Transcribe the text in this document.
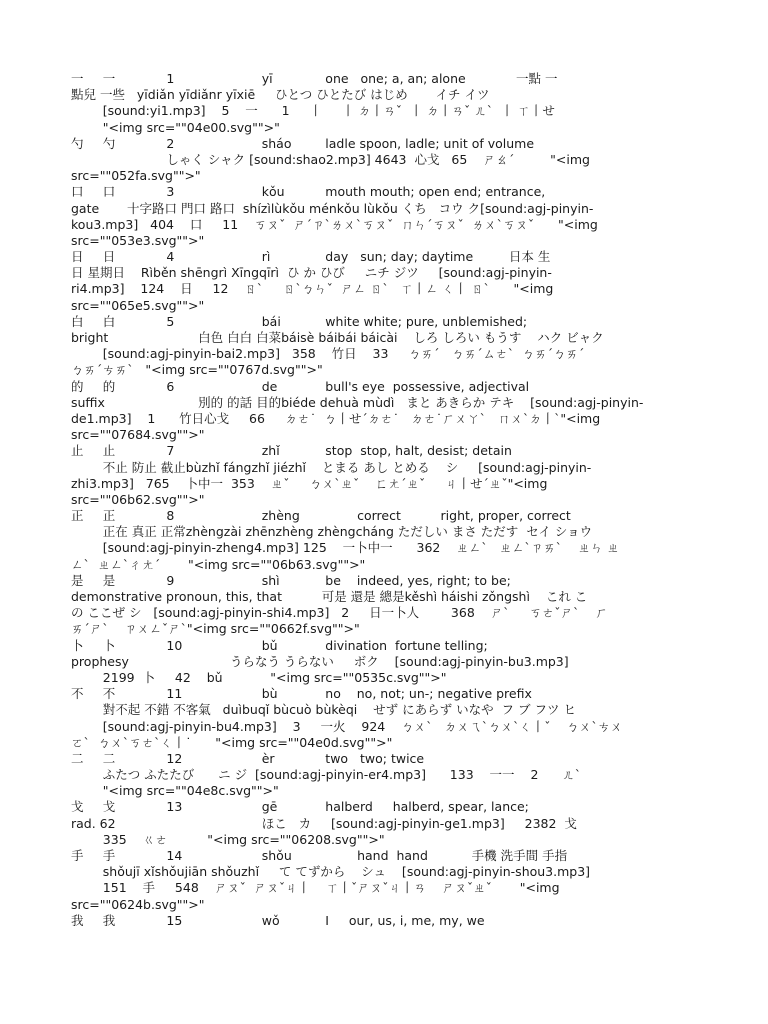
一	一		1			yī		one   one; a, an; alone		一點 一
點兒 一些   yīdiǎn yīdiǎnr yīxiē     ひとつ ひとたび はじめ       イチ イツ
	[sound:yi1.mp3]    5    一      1     丨     丨 ㄉ丨ㄢˇ  丨 ㄉ丨ㄢˇ ㄦˋ  丨 ㄒ丨せ
	"<img src=""04e00.svg"">"
勺	勺		2			sháo		ladle spoon, ladle; unit of volume
			しゃく シャク [sound:shao2.mp3] 4643  心戈   65    ㄕㄠˊ         "<img
src=""052fa.svg"">"
口	口		3			kǒu		mouth mouth; open end; entrance,
gate       十字路口 門口 路口  shízìlùkǒu ménkǒu lùkǒu くち   コウ ク[sound:agj-pinyin-
kou3.mp3]   404    口     11    ㄎㄡˇ  ㄕˊㄗˋㄌㄨˋㄎㄡˇ  ㄇㄣˊㄎㄡˇ  ㄌㄨˋㄎㄡˇ      "<img
src=""053e3.svg"">"
日	日		4			rì		day   sun; day; daytime         日本 生
日 星期日    Rìběn shēngrì Xīngqīrì  ひ か ひび     ニチ ジツ     [sound:agj-pinyin-
ri4.mp3]    124    日     12    ㄖˋ     ㄖˋㄅㄣˇ  ㄕㄥ ㄖˋ   ㄒ丨ㄥ ㄑ丨 ㄖˋ      "<img
src=""065e5.svg"">"
白	白		5			bái		white white; pure, unblemished;
bright			白色 白白 白菜báisè báibái báicài    しろ しろい もうす    ハク ビャク
	[sound:agj-pinyin-bai2.mp3]   358    竹日    33     ㄅㄞˊ   ㄅㄞˊㄙㄜˋ  ㄅㄞˊㄅㄞˊ
ㄅㄞˊㄘㄞˋ   "<img src=""0767d.svg"">"
的	的		6			de		bull's eye  possessive, adjectival
suffix			別的 的話 目的biéde dehuà mùdì   まと あきらか テキ    [sound:agj-pinyin-
de1.mp3]    1      竹日心戈     66     ㄉㄜ˙  ㄅ丨せˊㄉㄜ˙   ㄉㄜ˙ㄏㄨㄚˋ   ㄇㄨˋㄉ丨ˋ"<img
src=""07684.svg"">"
止	止		7			zhǐ		stop  stop, halt, desist; detain
	不止 防止 截止bùzhǐ fángzhǐ jiézhǐ    とまる あし とめる    シ     [sound:agj-pinyin-
zhi3.mp3]   765    卜中一  353    ㄓˇ     ㄅㄨˋㄓˇ    ㄈㄤˊㄓˇ     ㄐ丨せˊㄓˇ"<img
src=""06b62.svg"">"
正	正		8			zhèng		correct	right, proper, correct
	正在 真正 正常zhèngzài zhēnzhèng zhèngcháng ただしい まさ ただす  セイ ショウ
	[sound:agj-pinyin-zheng4.mp3] 125    一卜中一      362    ㄓㄥˋ   ㄓㄥˋㄗㄞˋ    ㄓㄣ ㄓ
ㄥˋ  ㄓㄥˋㄔㄤˊ       "<img src=""06b63.svg"">"
是	是		9			shì		be    indeed, yes, right; to be;
demonstrative pronoun, this, that          可是 還是 總是kěshì háishi zǒngshì    これ こ
の ここぜ シ   [sound:agj-pinyin-shi4.mp3]   2     日一卜人        368    ㄕˋ     ㄎㄜˇㄕˋ    ㄏ
ㄞˊㄕˋ    ㄗㄨㄥˇㄕˋ"<img src=""0662f.svg"">"
卜	卜		10			bǔ		divination  fortune telling;
prophesy				うらなう うらない     ボク    [sound:agj-pinyin-bu3.mp3]
	2199  卜     42    bǔ            "<img src=""0535c.svg"">"
不	不		11			bù		no    no, not; un-; negative prefix
	對不起 不錯 不客氣   duìbuqǐ bùcuò bùkèqi    せず にあらず いなや  フ ブ フツ ヒ
	[sound:agj-pinyin-bu4.mp3]    3     一火    924    ㄅㄨˋ   ㄉㄨㄟˋㄅㄨˋㄑ丨ˇ    ㄅㄨˋㄘㄨ
ㄛˋ  ㄅㄨˋㄎㄜˋㄑ丨˙      "<img src=""04e0d.svg"">"
二	二		12			èr		two   two; twice
	ふたつ ふたたび      ニ ジ  [sound:agj-pinyin-er4.mp3]      133    一一    2      ㄦˋ
	"<img src=""04e8c.svg"">"
戈	戈		13			gē		halberd     halberd, spear, lance;
rad. 62					ほこ   カ     [sound:agj-pinyin-ge1.mp3]     2382  戈
	335    ㄍㄜ          "<img src=""06208.svg"">"
手	手		14			shǒu		hand  hand           手機 洗手間 手指
	shǒujī xǐshǒujiān shǒuzhǐ     て てずから    シュ    [sound:agj-pinyin-shou3.mp3]
	151    手     548    ㄕㄡˇ  ㄕㄡˇㄐ丨    ㄒ丨ˇㄕㄡˇㄐ丨ㄢ    ㄕㄡˇㄓˇ       "<img
src=""0624b.svg"">"
我	我		15			wǒ		I     our, us, i, me, my, we
